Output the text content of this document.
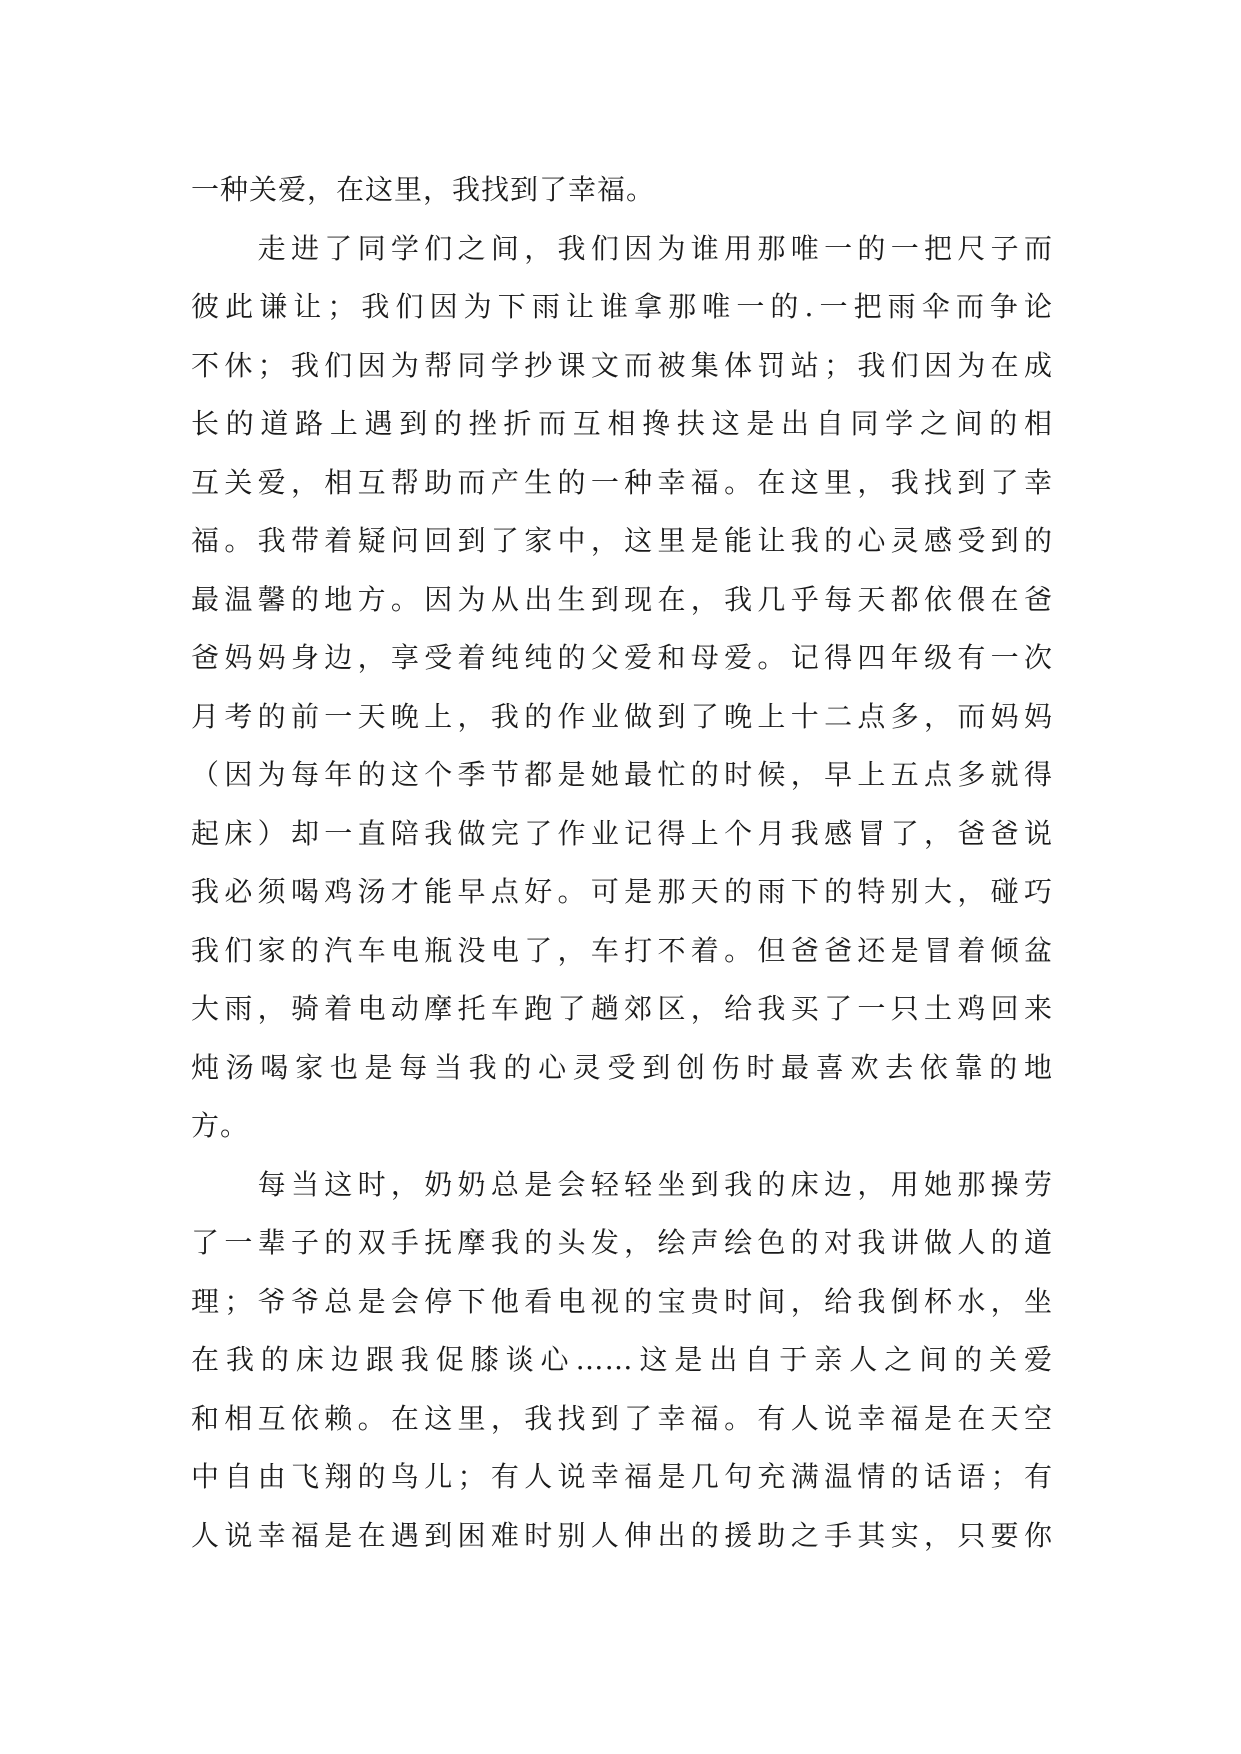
一种关爱，在这里，我找到了幸福。
　　走进了同学们之间，我们因为谁用那唯一的一把尺子而
彼此谦让；我们因为下雨让谁拿那唯一的.一把雨伞而争论
不休；我们因为帮同学抄课文而被集体罚站；我们因为在成
长的道路上遇到的挫折而互相搀扶这是出自同学之间的相
互关爱，相互帮助而产生的一种幸福。在这里，我找到了幸
福。我带着疑问回到了家中，这里是能让我的心灵感受到的
最温馨的地方。因为从出生到现在，我几乎每天都依偎在爸
爸妈妈身边，享受着纯纯的父爱和母爱。记得四年级有一次
月考的前一天晚上，我的作业做到了晚上十二点多，而妈妈
（因为每年的这个季节都是她最忙的时候，早上五点多就得
起床）却一直陪我做完了作业记得上个月我感冒了，爸爸说
我必须喝鸡汤才能早点好。可是那天的雨下的特别大，碰巧
我们家的汽车电瓶没电了，车打不着。但爸爸还是冒着倾盆
大雨，骑着电动摩托车跑了趟郊区，给我买了一只土鸡回来
炖汤喝家也是每当我的心灵受到创伤时最喜欢去依靠的地
方。
　　每当这时，奶奶总是会轻轻坐到我的床边，用她那操劳
了一辈子的双手抚摩我的头发，绘声绘色的对我讲做人的道
理；爷爷总是会停下他看电视的宝贵时间，给我倒杯水，坐
在我的床边跟我促膝谈心……这是出自于亲人之间的关爱
和相互依赖。在这里，我找到了幸福。有人说幸福是在天空
中自由飞翔的鸟儿；有人说幸福是几句充满温情的话语；有
人说幸福是在遇到困难时别人伸出的援助之手其实，只要你
